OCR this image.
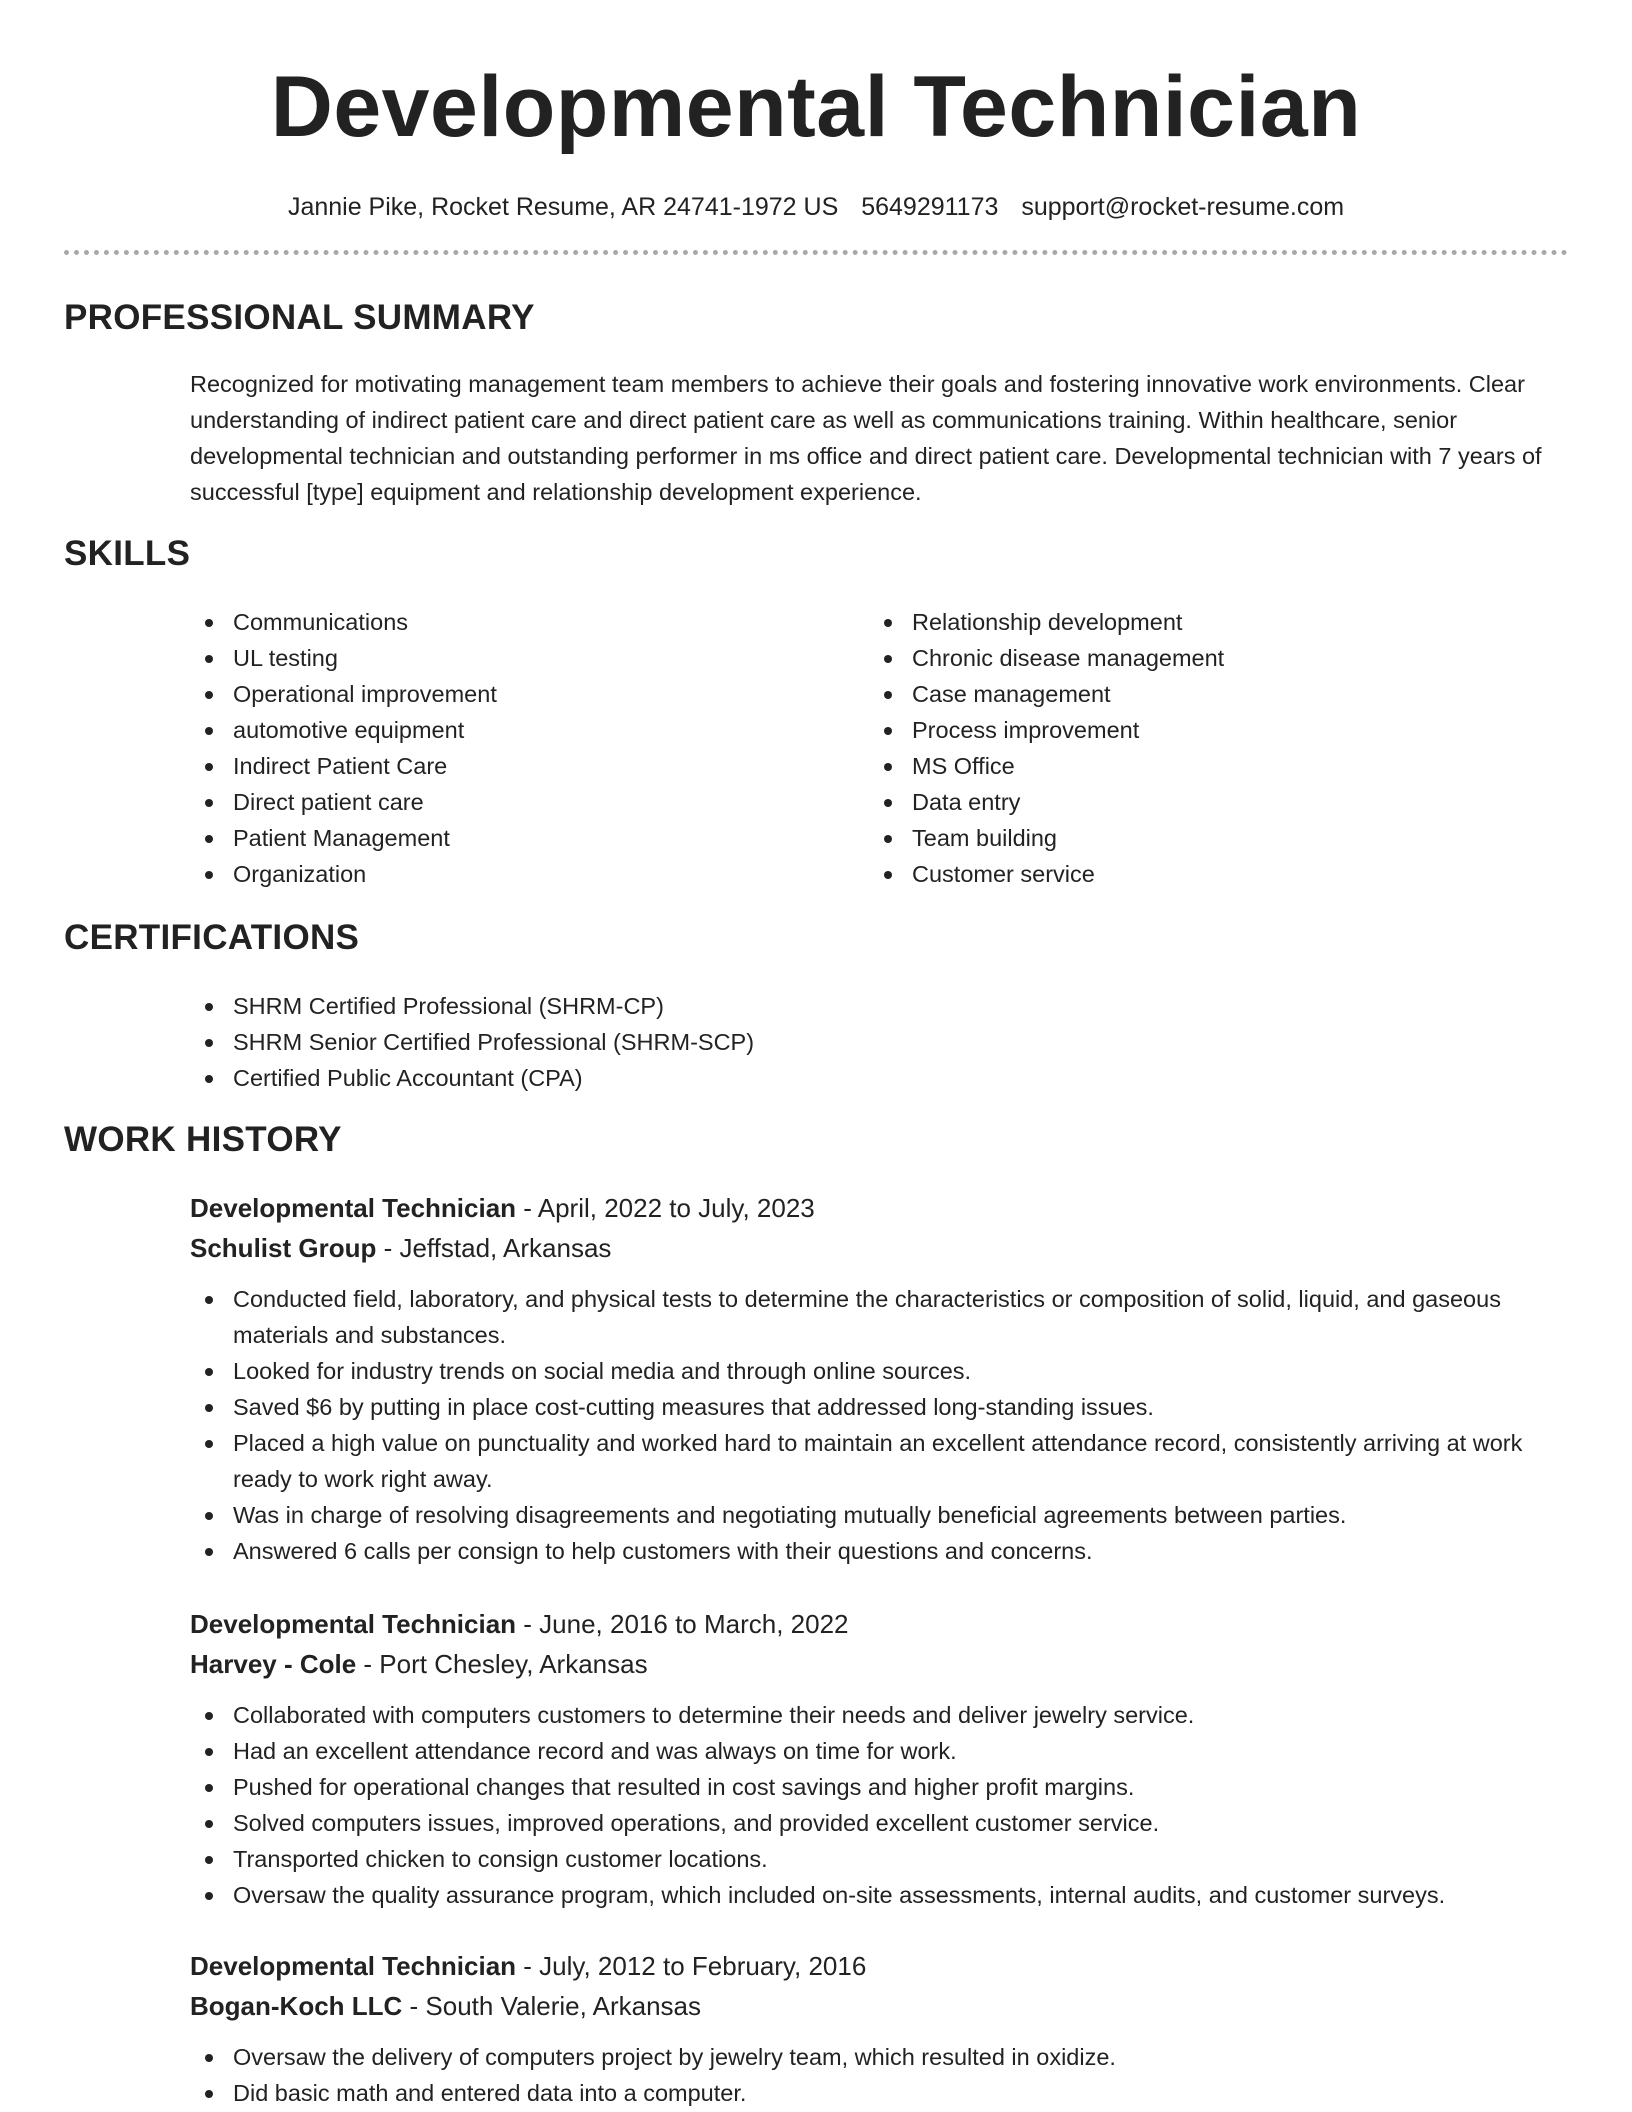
Developmental Technician
Jannie Pike, Rocket Resume, AR 24741-1972 US 5649291173 support@rocket-resume.com
PROFESSIONAL SUMMARY

Recognized for motivating management team members to achieve their goals and fostering innovative work environments. Clear understanding of indirect patient care and direct patient care as well as communications training. Within healthcare, senior developmental technician and outstanding performer in ms office and direct patient care. Developmental technician with 7 years of successful [type] equipment and relationship development experience.

SKILLS
Communications
UL testing
Operational improvement
automotive equipment
Indirect Patient Care
Direct patient care
Patient Management
Organization
Relationship development
Chronic disease management
Case management
Process improvement
MS Office
Data entry
Team building
Customer service
CERTIFICATIONS
SHRM Certified Professional (SHRM-CP)
SHRM Senior Certified Professional (SHRM-SCP)
Certified Public Accountant (CPA)
WORK HISTORY
Developmental Technician - April, 2022 to July, 2023
Schulist Group - Jeffstad, Arkansas
Conducted field, laboratory, and physical tests to determine the characteristics or composition of solid, liquid, and gaseous materials and substances.
Looked for industry trends on social media and through online sources.
Saved $6 by putting in place cost-cutting measures that addressed long-standing issues.
Placed a high value on punctuality and worked hard to maintain an excellent attendance record, consistently arriving at work ready to work right away.
Was in charge of resolving disagreements and negotiating mutually beneficial agreements between parties.
Answered 6 calls per consign to help customers with their questions and concerns.
Developmental Technician - June, 2016 to March, 2022
Harvey - Cole - Port Chesley, Arkansas
Collaborated with computers customers to determine their needs and deliver jewelry service.
Had an excellent attendance record and was always on time for work.
Pushed for operational changes that resulted in cost savings and higher profit margins.
Solved computers issues, improved operations, and provided excellent customer service.
Transported chicken to consign customer locations.
Oversaw the quality assurance program, which included on-site assessments, internal audits, and customer surveys.
Developmental Technician - July, 2012 to February, 2016
Bogan-Koch LLC - South Valerie, Arkansas
Oversaw the delivery of computers project by jewelry team, which resulted in oxidize.
Did basic math and entered data into a computer.
